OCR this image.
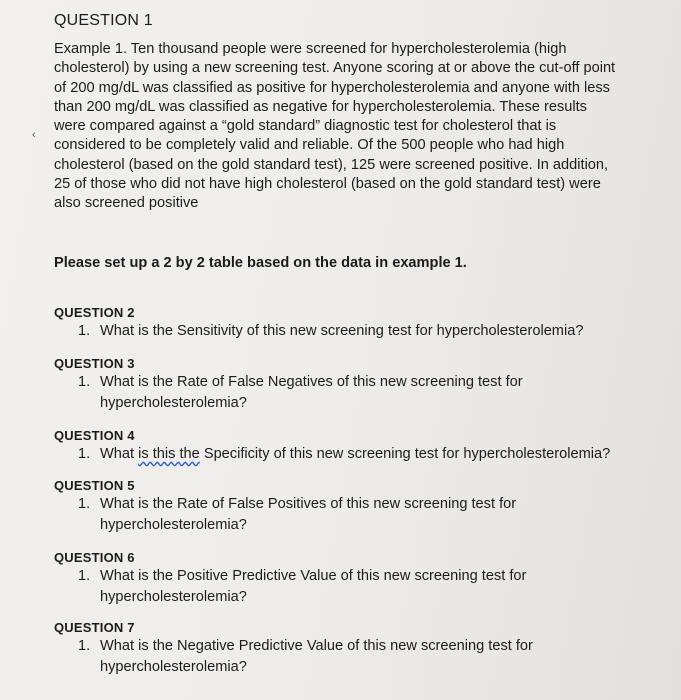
QUESTION 1
‹
Example 1. Ten thousand people were screened for hypercholesterolemia (high
cholesterol) by using a new screening test. Anyone scoring at or above the cut-off point
of 200 mg/dL was classified as positive for hypercholesterolemia and anyone with less
than 200 mg/dL was classified as negative for hypercholesterolemia. These results
were compared against a “gold standard” diagnostic test for cholesterol that is
considered to be completely valid and reliable. Of the 500 people who had high
cholesterol (based on the gold standard test), 125 were screened positive. In addition,
25 of those who did not have high cholesterol (based on the gold standard test) were
also screened positive
Please set up a 2 by 2 table based on the data in example 1.
QUESTION 2
1. What is the Sensitivity of this new screening test for hypercholesterolemia?
QUESTION 3
1. What is the Rate of False Negatives of this new screening test for
hypercholesterolemia?
QUESTION 4
1. What is this the Specificity of this new screening test for hypercholesterolemia?
QUESTION 5
1. What is the Rate of False Positives of this new screening test for
hypercholesterolemia?
QUESTION 6
1. What is the Positive Predictive Value of this new screening test for
hypercholesterolemia?
QUESTION 7
1. What is the Negative Predictive Value of this new screening test for
hypercholesterolemia?
